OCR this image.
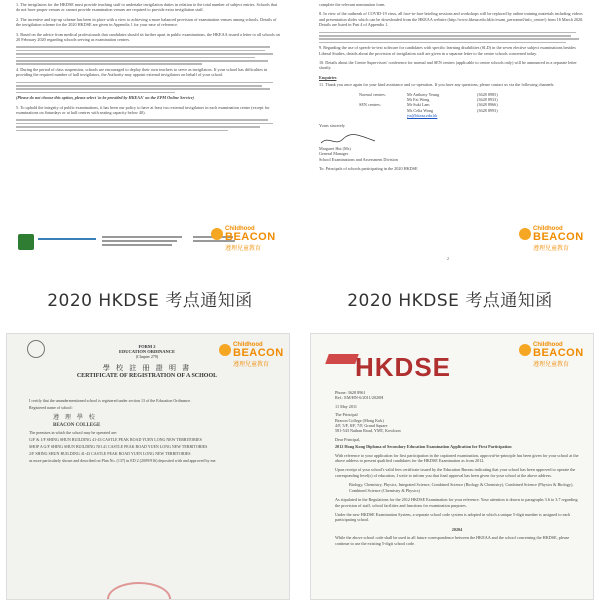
1. The invigilators for the HKDSE must provide teaching staff to undertake invigilation duties in relation to the total number of subject entries. Schools that do not have proper venues or cannot provide examination venues are required to provide extra invigilation staff.

2. The incentive and top-up scheme has been in place with a view to achieving a more balanced provision of examination venues among schools. Details of the invigilation scheme for the 2020 HKDSE are given in Appendix 1 for your ease of reference.

3. Based on the advice from medical professionals that candidates should sit further apart in public examinations, the HKEAA issued a letter to all schools on 20 February 2020 regarding schools serving as examination centres.

4. During the period of class suspension, schools are encouraged to deploy their own teachers to serve as invigilators. If your school has difficulties in providing the required number of hall invigilators, the Authority may appoint external invigilators on behalf of your school.

(Please do not choose this option, please select 'to be provided by HKEAA' on the EPM Online Service)

5. To uphold the integrity of public examinations, it has been our policy to have at least two external invigilators in each examination centre (except for examinations on Saturdays or at half centres with seating capacity below 40).

Childhood
BEACON
遵理兒童教育

complete the relevant nomination form.

8. In view of the outbreak of COVID-19 virus, all face-to-face briefing sessions and workshops will be replaced by online training materials including videos and presentation slides which can be downloaded from the HKEAA website (http://www.hkeaa.edu.hk/tc/exam_personnel/info_centre/) from 16 March 2020. Details are listed in Part 4 of Appendix 1.

9. Regarding the use of speech-to-text software for candidates with specific learning disabilities (SLD) in the seven elective subject examinations besides Liberal Studies, details about the provision of invigilation staff are given in a separate letter to the centre schools concerned today.

10. Details about the Centre Supervisors' conference for normal and SEN centres (applicable to centre schools only) will be announced in a separate letter shortly.

Enquiries

11. Thank you once again for your kind assistance and co-operation. If you have any questions, please contact us via the following channels:

Normal centres:	Mr Anthony Yeung	(3628 8985)
Mr Fai Wong	(3628 8933)
SEN centres:	Mr Suki Lam	(3628 8966)
Ms Celia Wong	(3628 8993)
jss@hkeaa.edu.hk

Yours sincerely

Margaret Hui (Ms)

General Manager

School Examinations and Assessment Division

To: Principals of schools participating in the 2020 HKDSE

2
Childhood
BEACON
遵理兒童教育
2020 HKDSE 考点通知函	2020 HKDSE 考点通知函
FORM 2
EDUCATION ORDINANCE
(Chapter 279)
學 校 註 冊 證 明 書
CERTIFICATE OF REGISTRATION OF A SCHOOL
I certify that the unundermentioned school is registered under section 13 of the Education Ordinance.
Registered name of school:
遵 理 學 校
BEACON COLLEGE
The premises in which the school may be operated are:
G/F & 1/F SHING SHUN BUILDING 41-43 CASTLE PEAK ROAD YUEN LONG NEW TERRITORIES
SHOP A G/F SHING SHUN BUILDING NO.41 CASTLE PEAK ROAD YUEN LONG NEW TERRITORIES
2/F SHING SHUN BUILDING 41-43 CASTLE PEAK ROAD YUEN LONG NEW TERRITORIES
as more particularly shown and described on Plan No. (137) in ED 2 (2009/916) deposited with and approved by me.
Childhood
BEACON
遵理兒童教育	HKDSE
Childhood
BEACON
遵理兒童教育
Phone: 3628 8961
Ref.: EM/HN-6/2011/2020H
11 May 2011
The Principal
Beacon College (Mong Kok)
4/F, 5/F, 8/F, 7/F, Grand Square
581-543 Nathan Road, YMT, Kowloon
Dear Principal,
2012 Hong Kong Diploma of Secondary Education Examination Application for First Participation

With reference to your application for first participation in the captioned examination, approval-in-principle has been given for your school at the above address to present qualified candidates for the HKDSE Examination as from 2012.

Upon receipt of your school's valid fees certificate issued by the Education Bureau indicating that your school has been approved to operate the corresponding level(s) of education, I write to inform you that final approval has been given for your school at the above address.

Biology, Chemistry, Physics, Integrated Science, Combined Science (Biology & Chemistry), Combined Science (Physics & Biology), Combined Science (Chemistry & Physics)

As stipulated in the Regulations for the 2012 HKDSE Examination for your reference. Your attention is drawn to paragraphs 3.6 to 3.7 regarding the provision of staff, school facilities and functions for examination purposes.

Under the new HKDSE Examination System, a separate school code system is adopted in which a unique 5-digit number is assigned to each participating school.

20204

While the above school code shall be used in all future correspondence between the HKEAA and the school concerning the HKDSE, please continue to use the existing 5-digit school code.
